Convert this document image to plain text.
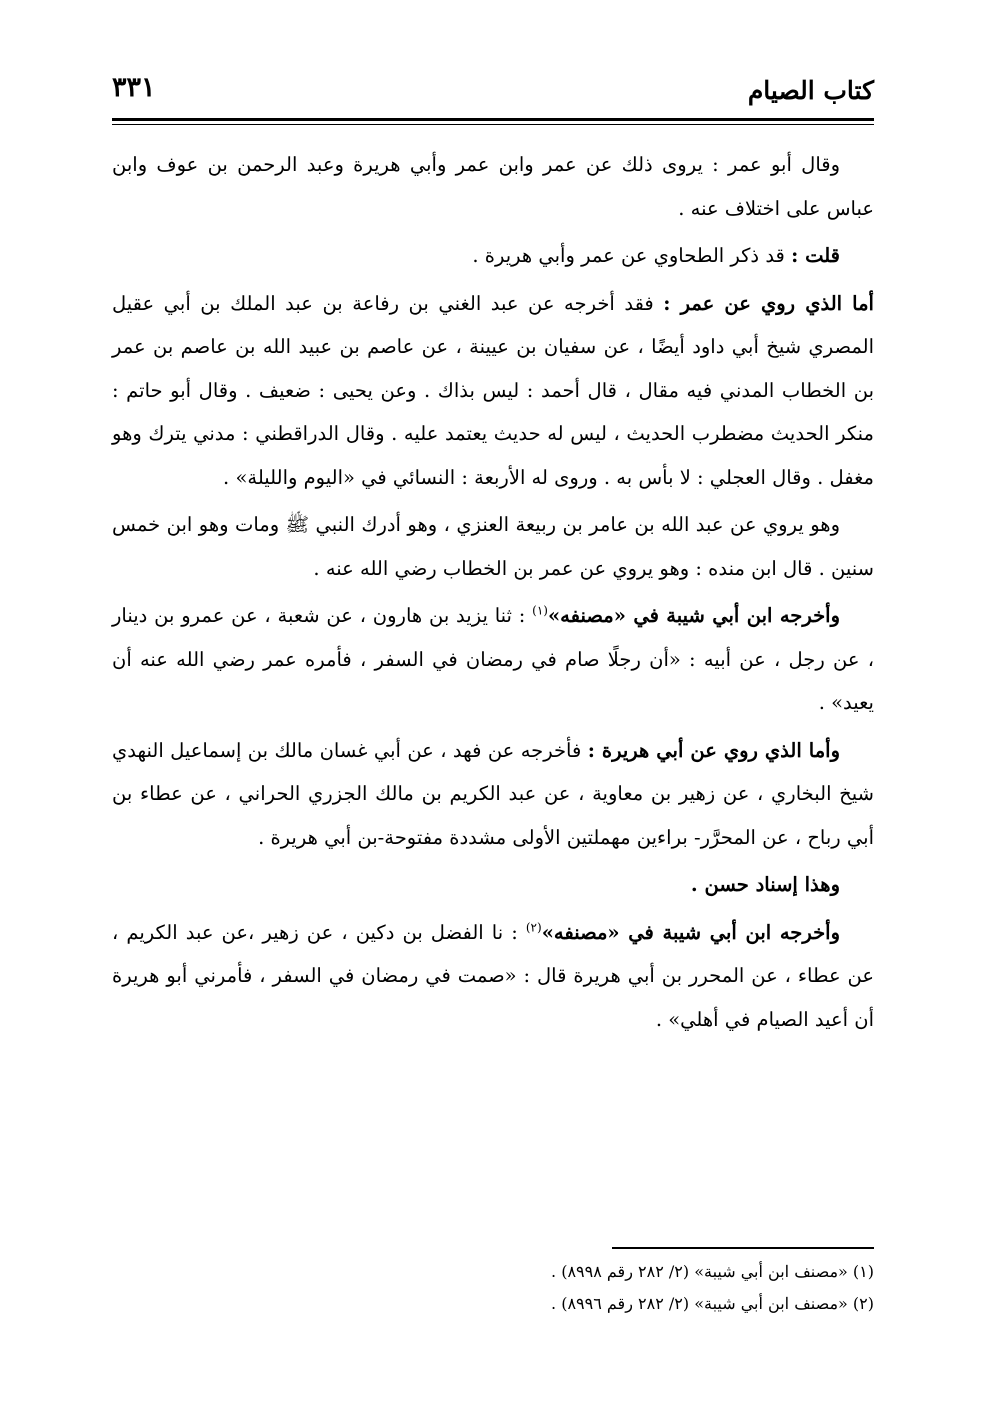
كتاب الصيام
٣٣١

وقال أبو عمر : يروى ذلك عن عمر وابن عمر وأبي هريرة وعبد الرحمن بن عوف وابن عباس على اختلاف عنه .

قلت : قد ذكر الطحاوي عن عمر وأبي هريرة .

أما الذي روي عن عمر : فقد أخرجه عن عبد الغني بن رفاعة بن عبد الملك بن أبي عقيل المصري شيخ أبي داود أيضًا ، عن سفيان بن عيينة ، عن عاصم بن عبيد الله بن عاصم بن عمر بن الخطاب المدني فيه مقال ، قال أحمد : ليس بذاك . وعن يحيى : ضعيف . وقال أبو حاتم : منكر الحديث مضطرب الحديث ، ليس له حديث يعتمد عليه . وقال الدراقطني : مدني يترك وهو مغفل . وقال العجلي : لا بأس به . وروى له الأربعة : النسائي في «اليوم والليلة» .

وهو يروي عن عبد الله بن عامر بن ربيعة العنزي ، وهو أدرك النبي ﷺ ومات وهو ابن خمس سنين . قال ابن منده : وهو يروي عن عمر بن الخطاب رضي الله عنه .

وأخرجه ابن أبي شيبة في «مصنفه»$^{(١)}$ : ثنا يزيد بن هارون ، عن شعبة ، عن عمرو بن دينار ، عن رجل ، عن أبيه : «أن رجلًا صام في رمضان في السفر ، فأمره عمر رضي الله عنه أن يعيد» .

وأما الذي روي عن أبي هريرة : فأخرجه عن فهد ، عن أبي غسان مالك بن إسماعيل النهدي شيخ البخاري ، عن زهير بن معاوية ، عن عبد الكريم بن مالك الجزري الحراني ، عن عطاء بن أبي رباح ، عن المحرَّر- براءين مهملتين الأولى مشددة مفتوحة-بن أبي هريرة .

وهذا إسناد حسن .

وأخرجه ابن أبي شيبة في «مصنفه»$^{(٢)}$ : نا الفضل بن دكين ، عن زهير ،عن عبد الكريم ، عن عطاء ، عن المحرر بن أبي هريرة قال : «صمت في رمضان في السفر ، فأمرني أبو هريرة أن أعيد الصيام في أهلي» .

(١) «مصنف ابن أبي شيبة» (٢/ ٢٨٢ رقم ٨٩٩٨) .
(٢) «مصنف ابن أبي شيبة» (٢/ ٢٨٢ رقم ٨٩٩٦) .
